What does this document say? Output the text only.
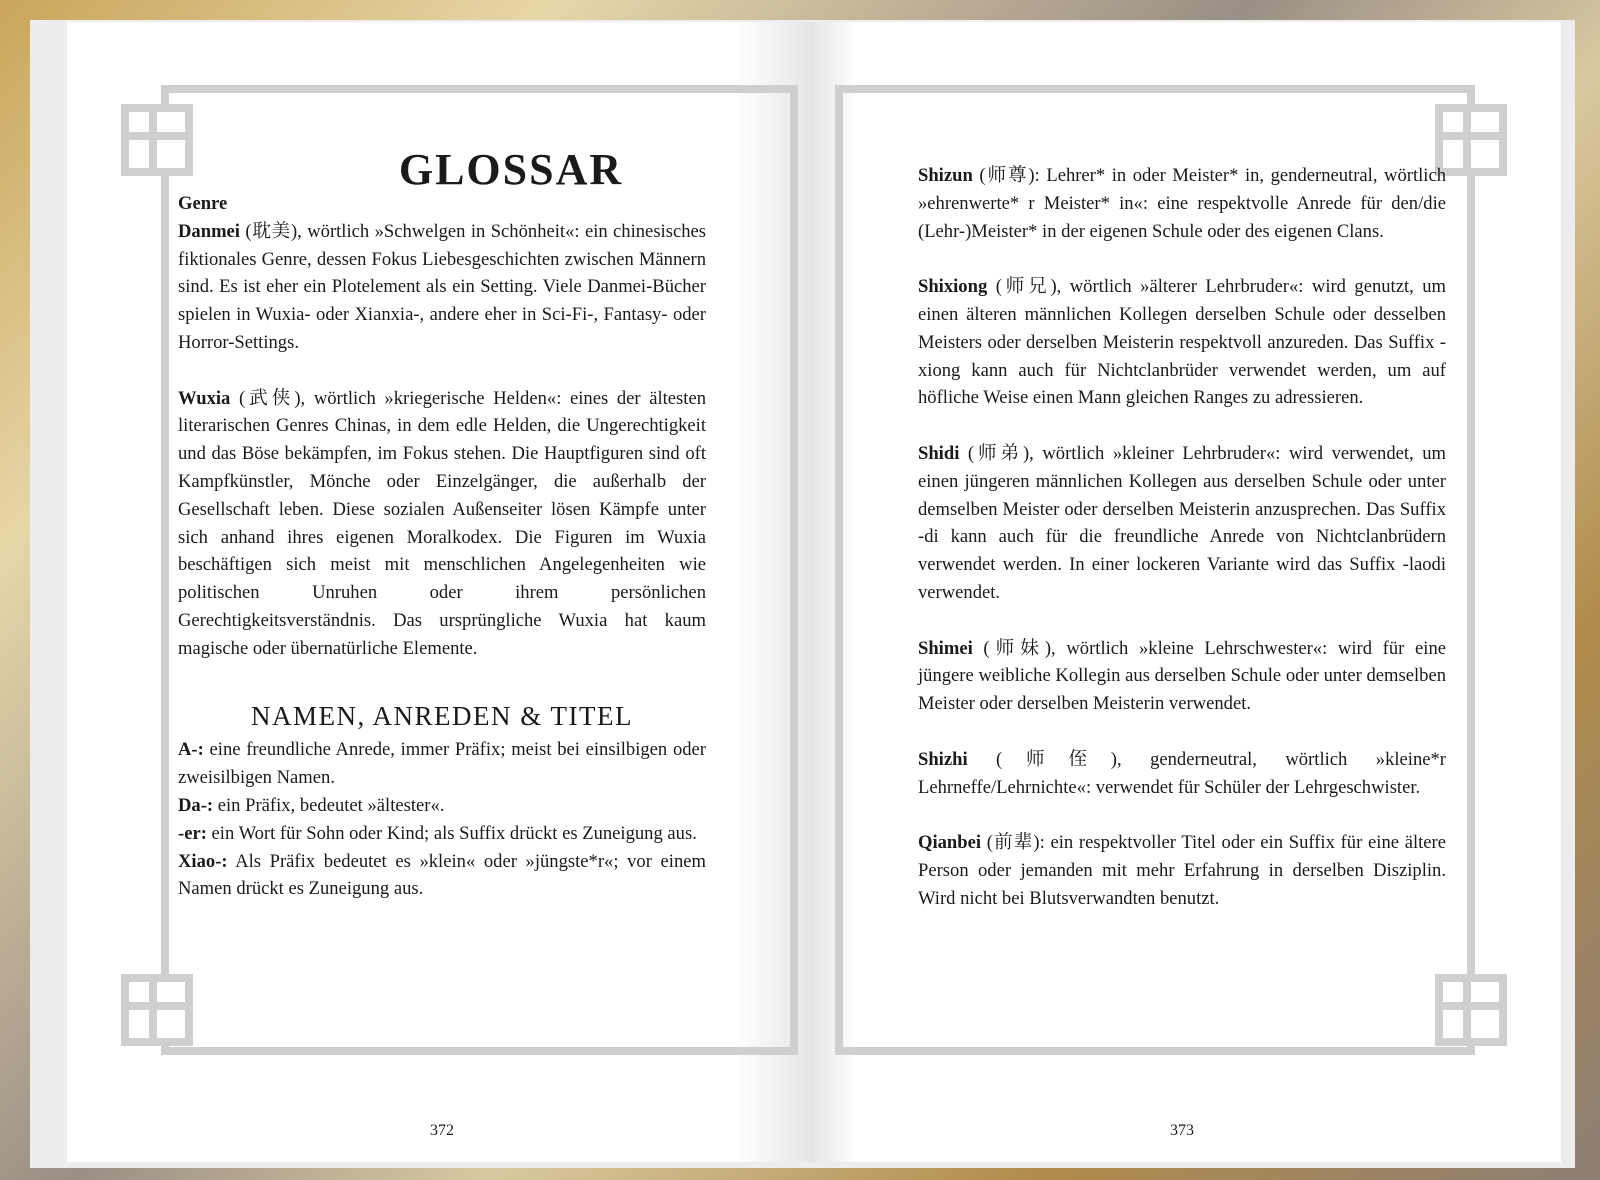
GLOSSAR

Genre

Danmei (耽美), wörtlich »Schwelgen in Schönheit«: ein chinesisches fiktionales Genre, dessen Fokus Liebesgeschichten zwischen Männern sind. Es ist eher ein Plotelement als ein Setting. Viele Danmei-Bücher spielen in Wuxia- oder Xianxia-, andere eher in Sci-Fi-, Fantasy- oder Horror-Settings.

Wuxia (武侠), wörtlich »kriegerische Helden«: eines der ältesten literarischen Genres Chinas, in dem edle Helden, die Ungerechtigkeit und das Böse bekämpfen, im Fokus stehen. Die Hauptfiguren sind oft Kampfkünstler, Mönche oder Einzelgänger, die außerhalb der Gesellschaft leben. Diese sozialen Außenseiter lösen Kämpfe unter sich anhand ihres eigenen Moralkodex. Die Figuren im Wuxia beschäftigen sich meist mit menschlichen Angelegenheiten wie politischen Unruhen oder ihrem persönlichen Gerechtigkeitsverständnis. Das ursprüngliche Wuxia hat kaum magische oder übernatürliche Elemente.

NAMEN, ANREDEN & TITEL

A-: eine freundliche Anrede, immer Präfix; meist bei einsilbigen oder zweisilbigen Namen.

Da-: ein Präfix, bedeutet »ältester«.

-er: ein Wort für Sohn oder Kind; als Suffix drückt es Zuneigung aus.

Xiao-: Als Präfix bedeutet es »klein« oder »jüngste*r«; vor einem Namen drückt es Zuneigung aus.

372

Shizun (师尊): Lehrer* in oder Meister* in, genderneutral, wörtlich »ehrenwerte* r Meister* in«: eine respektvolle Anrede für den/die (Lehr-)Meister* in der eigenen Schule oder des eigenen Clans.

Shixiong (师兄), wörtlich »älterer Lehrbruder«: wird genutzt, um einen älteren männlichen Kollegen derselben Schule oder desselben Meisters oder derselben Meisterin respektvoll anzureden. Das Suffix -xiong kann auch für Nichtclanbrüder verwendet werden, um auf höfliche Weise einen Mann gleichen Ranges zu adressieren.

Shidi (师弟), wörtlich »kleiner Lehrbruder«: wird verwendet, um einen jüngeren männlichen Kollegen aus derselben Schule oder unter demselben Meister oder derselben Meisterin anzusprechen. Das Suffix -di kann auch für die freundliche Anrede von Nichtclanbrüdern verwendet werden. In einer lockeren Variante wird das Suffix -laodi verwendet.

Shimei (师妹), wörtlich »kleine Lehrschwester«: wird für eine jüngere weibliche Kollegin aus derselben Schule oder unter demselben Meister oder derselben Meisterin verwendet.

Shizhi (师侄), genderneutral, wörtlich »kleine*r Lehrneffe/Lehrnichte«: verwendet für Schüler der Lehrgeschwister.

Qianbei (前辈): ein respektvoller Titel oder ein Suffix für eine ältere Person oder jemanden mit mehr Erfahrung in derselben Disziplin. Wird nicht bei Blutsverwandten benutzt.

373
